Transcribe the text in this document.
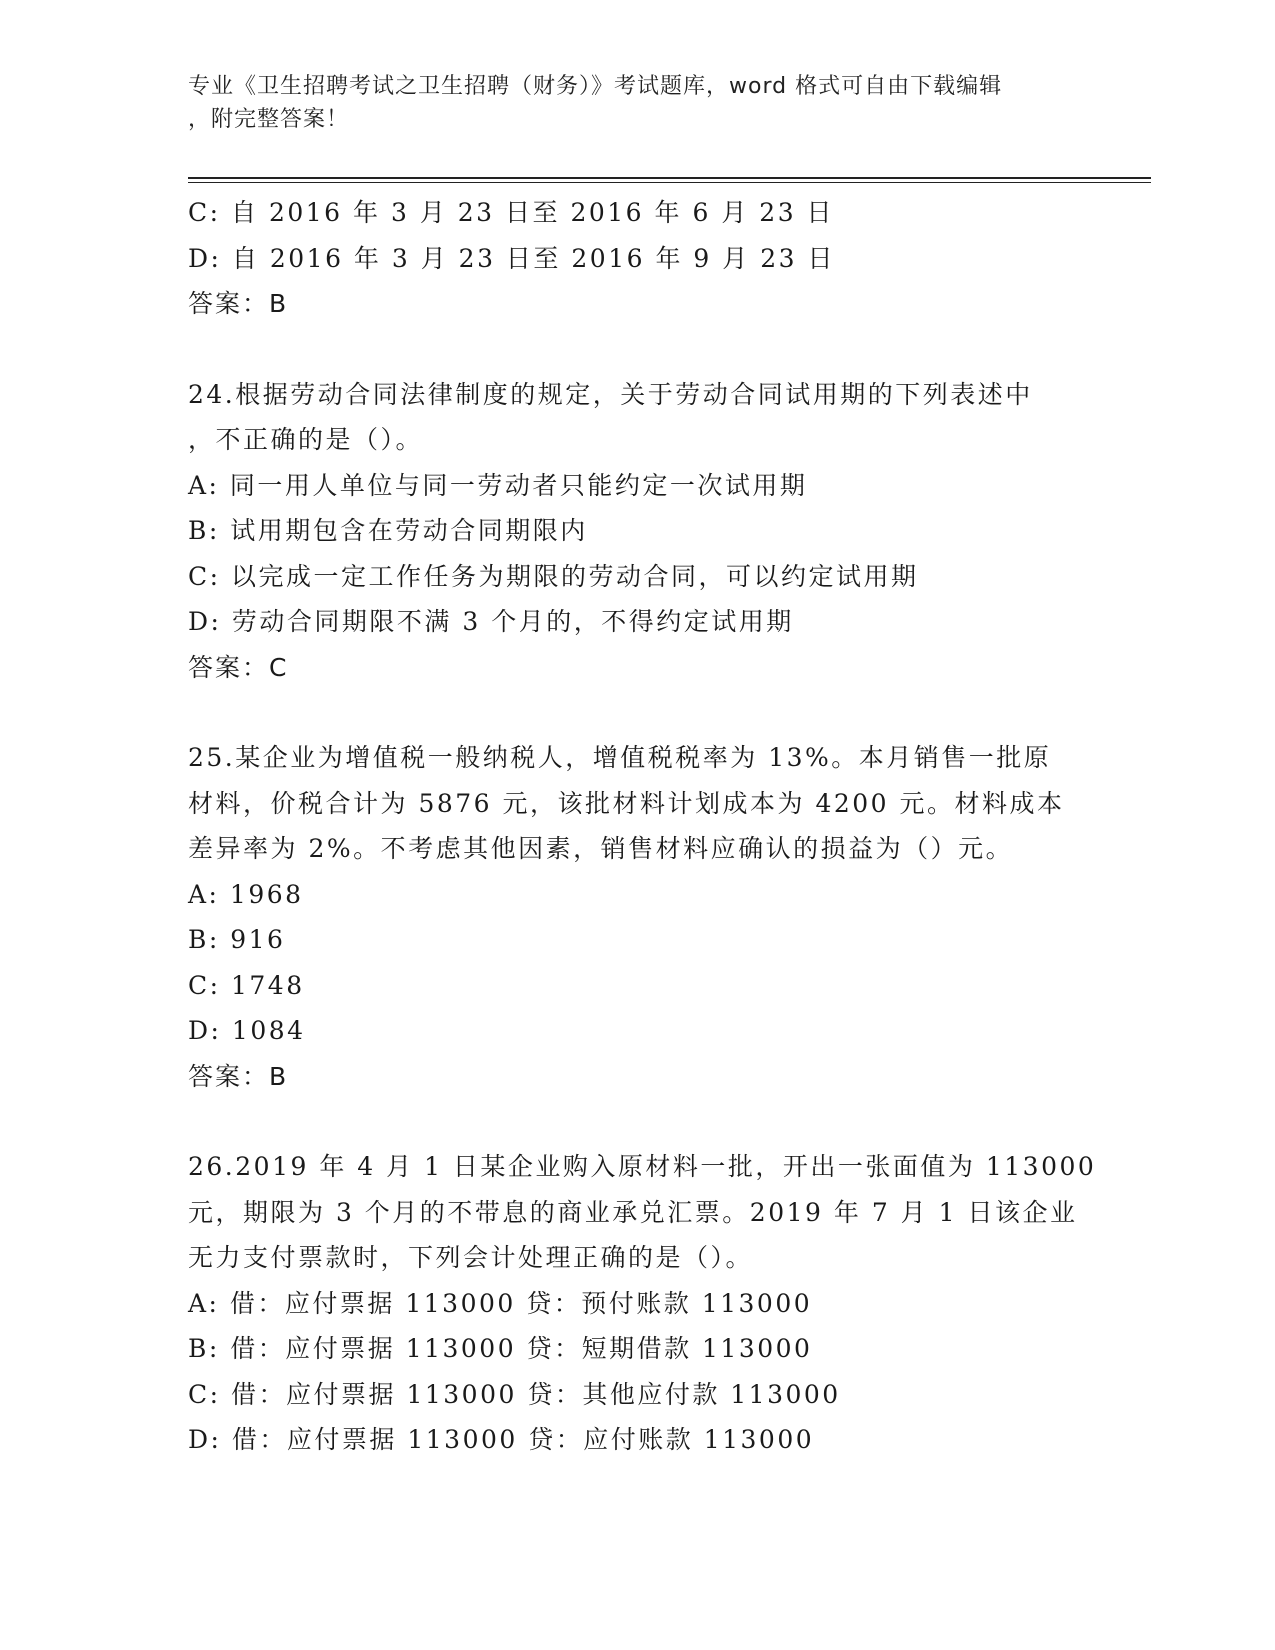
专业《卫生招聘考试之卫生招聘（财务）》考试题库，word 格式可自由下载编辑
，附完整答案！
C: 自 2016 年 3 月 23 日至 2016 年 6 月 23 日
D: 自 2016 年 3 月 23 日至 2016 年 9 月 23 日
答案：B
24.根据劳动合同法律制度的规定，关于劳动合同试用期的下列表述中
，不正确的是（）。
A: 同一用人单位与同一劳动者只能约定一次试用期
B: 试用期包含在劳动合同期限内
C: 以完成一定工作任务为期限的劳动合同，可以约定试用期
D: 劳动合同期限不满 3 个月的，不得约定试用期
答案：C
25.某企业为增值税一般纳税人，增值税税率为 13%。本月销售一批原
材料，价税合计为 5876 元，该批材料计划成本为 4200 元。材料成本
差异率为 2%。不考虑其他因素，销售材料应确认的损益为（）元。
A: 1968
B: 916
C: 1748
D: 1084
答案：B
26.2019 年 4 月 1 日某企业购入原材料一批，开出一张面值为 113000
元，期限为 3 个月的不带息的商业承兑汇票。2019 年 7 月 1 日该企业
无力支付票款时，下列会计处理正确的是（）。
A: 借：应付票据 113000 贷：预付账款 113000
B: 借：应付票据 113000 贷：短期借款 113000
C: 借：应付票据 113000 贷：其他应付款 113000
D: 借：应付票据 113000 贷：应付账款 113000
